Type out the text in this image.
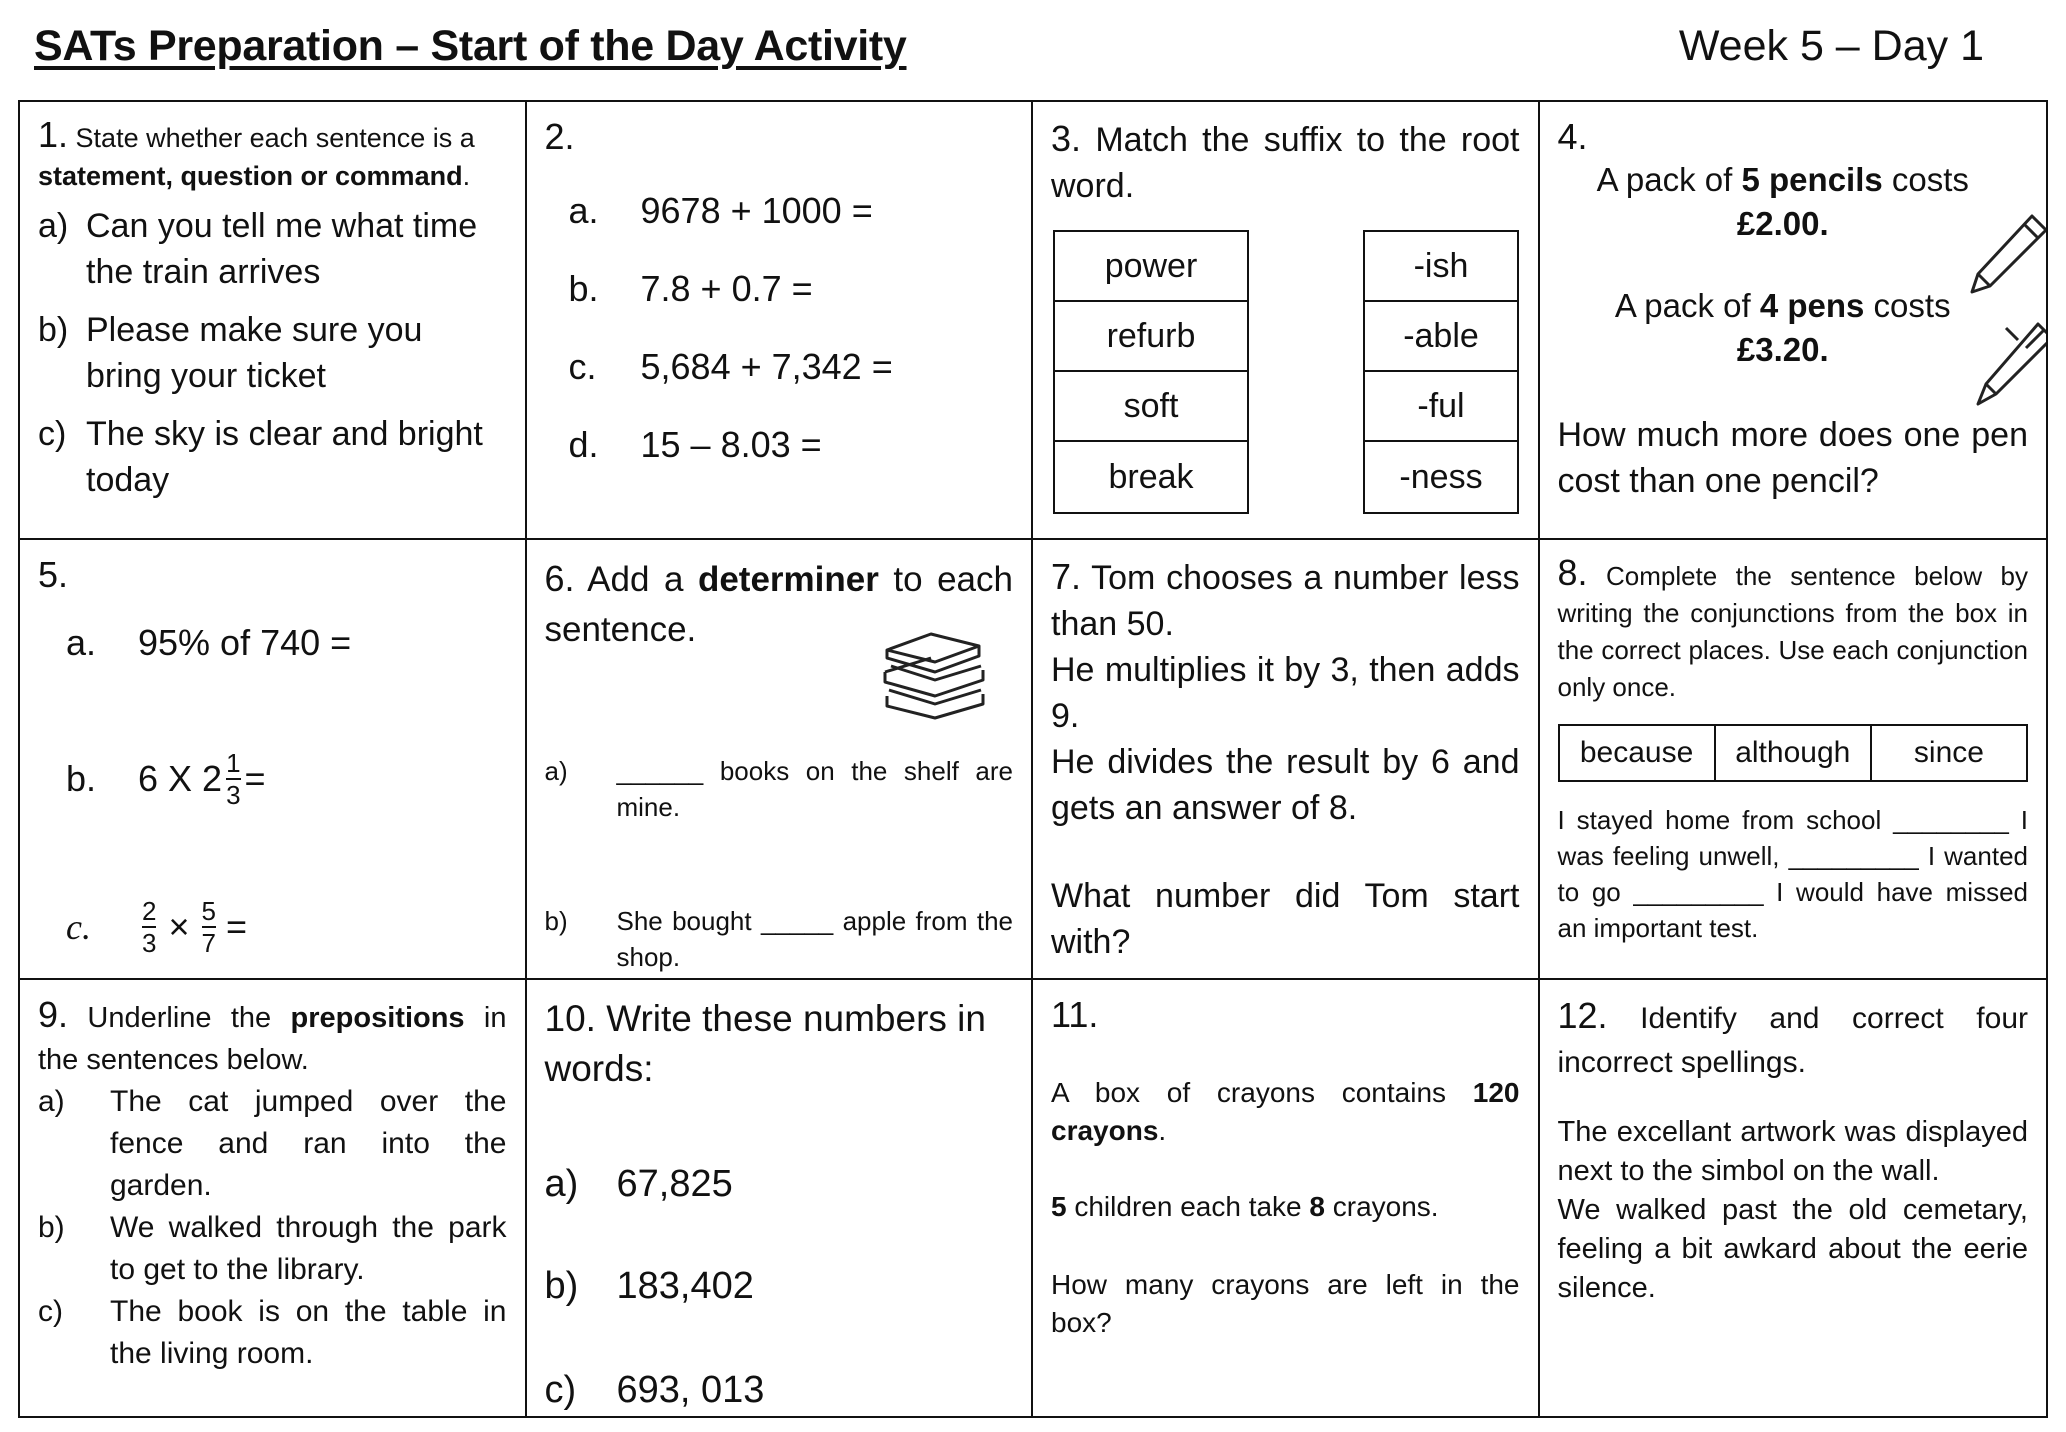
SATs Preparation – Start of the Day Activity	Week 5 – Day 1

1. State whether each sentence is a statement, question or command.

a) Can you tell me what time the train arrives
b) Please make sure you bring your ticket
c) The sky is clear and bright today

2.

a.	9678 + 1000 =
b.	7.8 + 0.7 =
c.	5,684 + 7,342 =
d.	15 – 8.03 =

3. Match the suffix to the root word.

power
refurb
soft
break
-ish
-able
-ful
-ness

4.

A pack of 5 pencils costs

£2.00.

A pack of 4 pens costs

£3.20.

How much more does one pen cost than one pencil?

5.

a.	95% of 740 =
b.	6 X $2 \frac{1}{3}$ =
c.	$\frac{2}{3} \times \frac{5}{7}$ =

6. Add a determiner to each sentence.

a)	______ books on the shelf are mine.
b)	She bought _____ apple from the shop.

7. Tom chooses a number less than 50.

He multiplies it by 3, then adds 9.

He divides the result by 6 and gets an answer of 8.

What number did Tom start with?

8. Complete the sentence below by writing the conjunctions from the box in the correct places. Use each conjunction only once.

because	although	since

I stayed home from school ________ I was feeling unwell, _________ I wanted to go _________ I would have missed an important test.

9. Underline the prepositions in the sentences below.

a)	The cat jumped over the fence and ran into the garden.
b)	We walked through the park to get to the library.
c)	The book is on the table in the living room.

10. Write these numbers in words:

a)	67,825
b)	183,402
c)	693, 013

11.

A box of crayons contains 120 crayons.

5 children each take 8 crayons.

How many crayons are left in the box?

12. Identify and correct four incorrect spellings.

The excellant artwork was displayed next to the simbol on the wall.

We walked past the old cemetary, feeling a bit awkard about the eerie silence.
